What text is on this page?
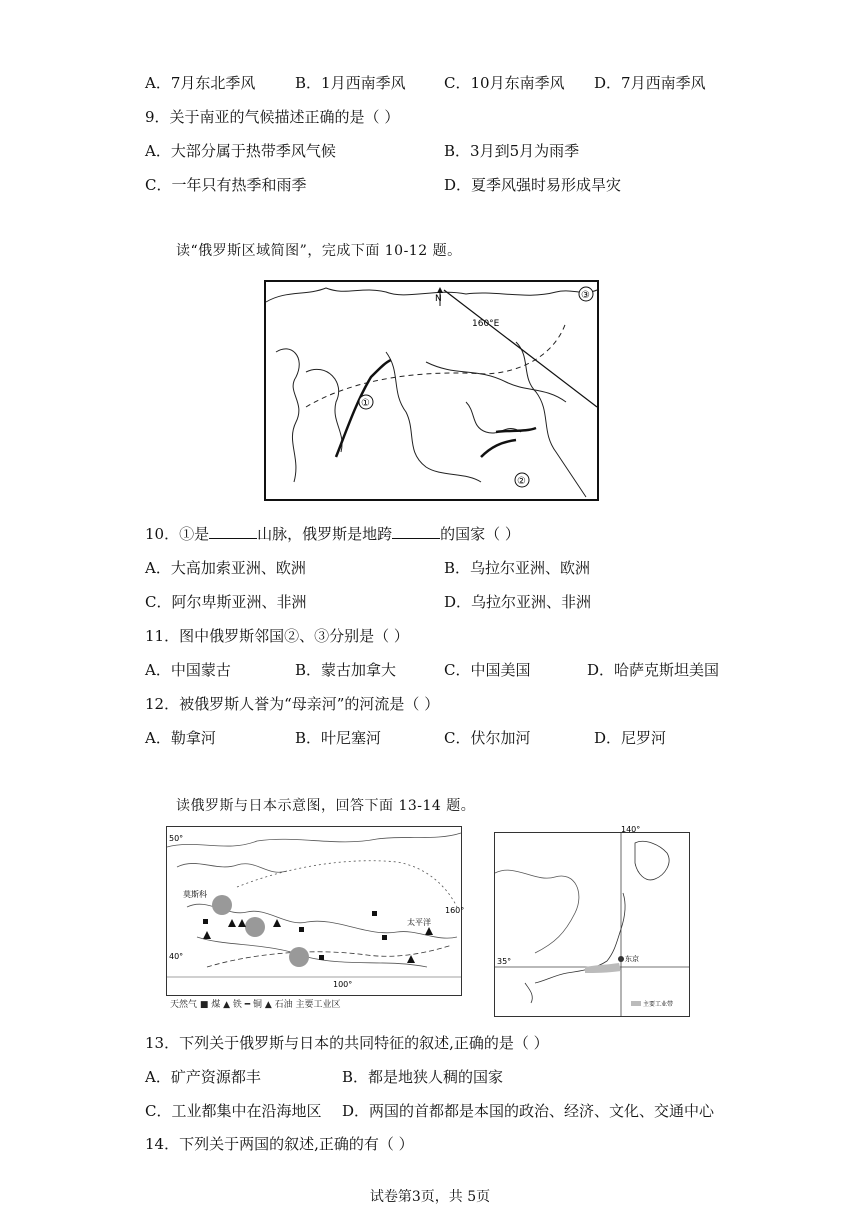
A．7月东北季风	B．1月西南季风	C．10月东南季风 D．7月西南季风
9．关于南亚的气候描述正确的是（ ）
A．大部分属于热带季风气候	B．3月到5月为雨季
C．一年只有热季和雨季	D．夏季风强时易形成旱灾
读“俄罗斯区域简图”，完成下面 10-12 题。
N
160°E
①
②
③
10．①是	山脉，俄罗斯是地跨	的国家（ ）
A．大高加索亚洲、欧洲	B．乌拉尔亚洲、欧洲
C．阿尔卑斯亚洲、非洲	D．乌拉尔亚洲、非洲
11．图中俄罗斯邻国②、③分别是（ ）
A．中国蒙古	B．蒙古加拿大	C．中国美国	D．哈萨克斯坦美国
12．被俄罗斯人誉为“母亲河”的河流是（ ）
A．勒拿河	B．叶尼塞河	C．伏尔加河	D．尼罗河
读俄罗斯与日本示意图，回答下面 13-14 题。
50°
40°
100°
160°
莫斯科
太平洋
天然气 ■ 煤 ▲ 铁 ━ 铜 ▲ 石油 主要工业区
140°
35°	东京
主要工业带
13．下列关于俄罗斯与日本的共同特征的叙述,正确的是（ ）
A．矿产资源都丰	B．都是地狭人稠的国家
C．工业都集中在沿海地区 D．两国的首都都是本国的政治、经济、文化、交通中心
14．下列关于两国的叙述,正确的有（ ）
试卷第3页，共 5页
